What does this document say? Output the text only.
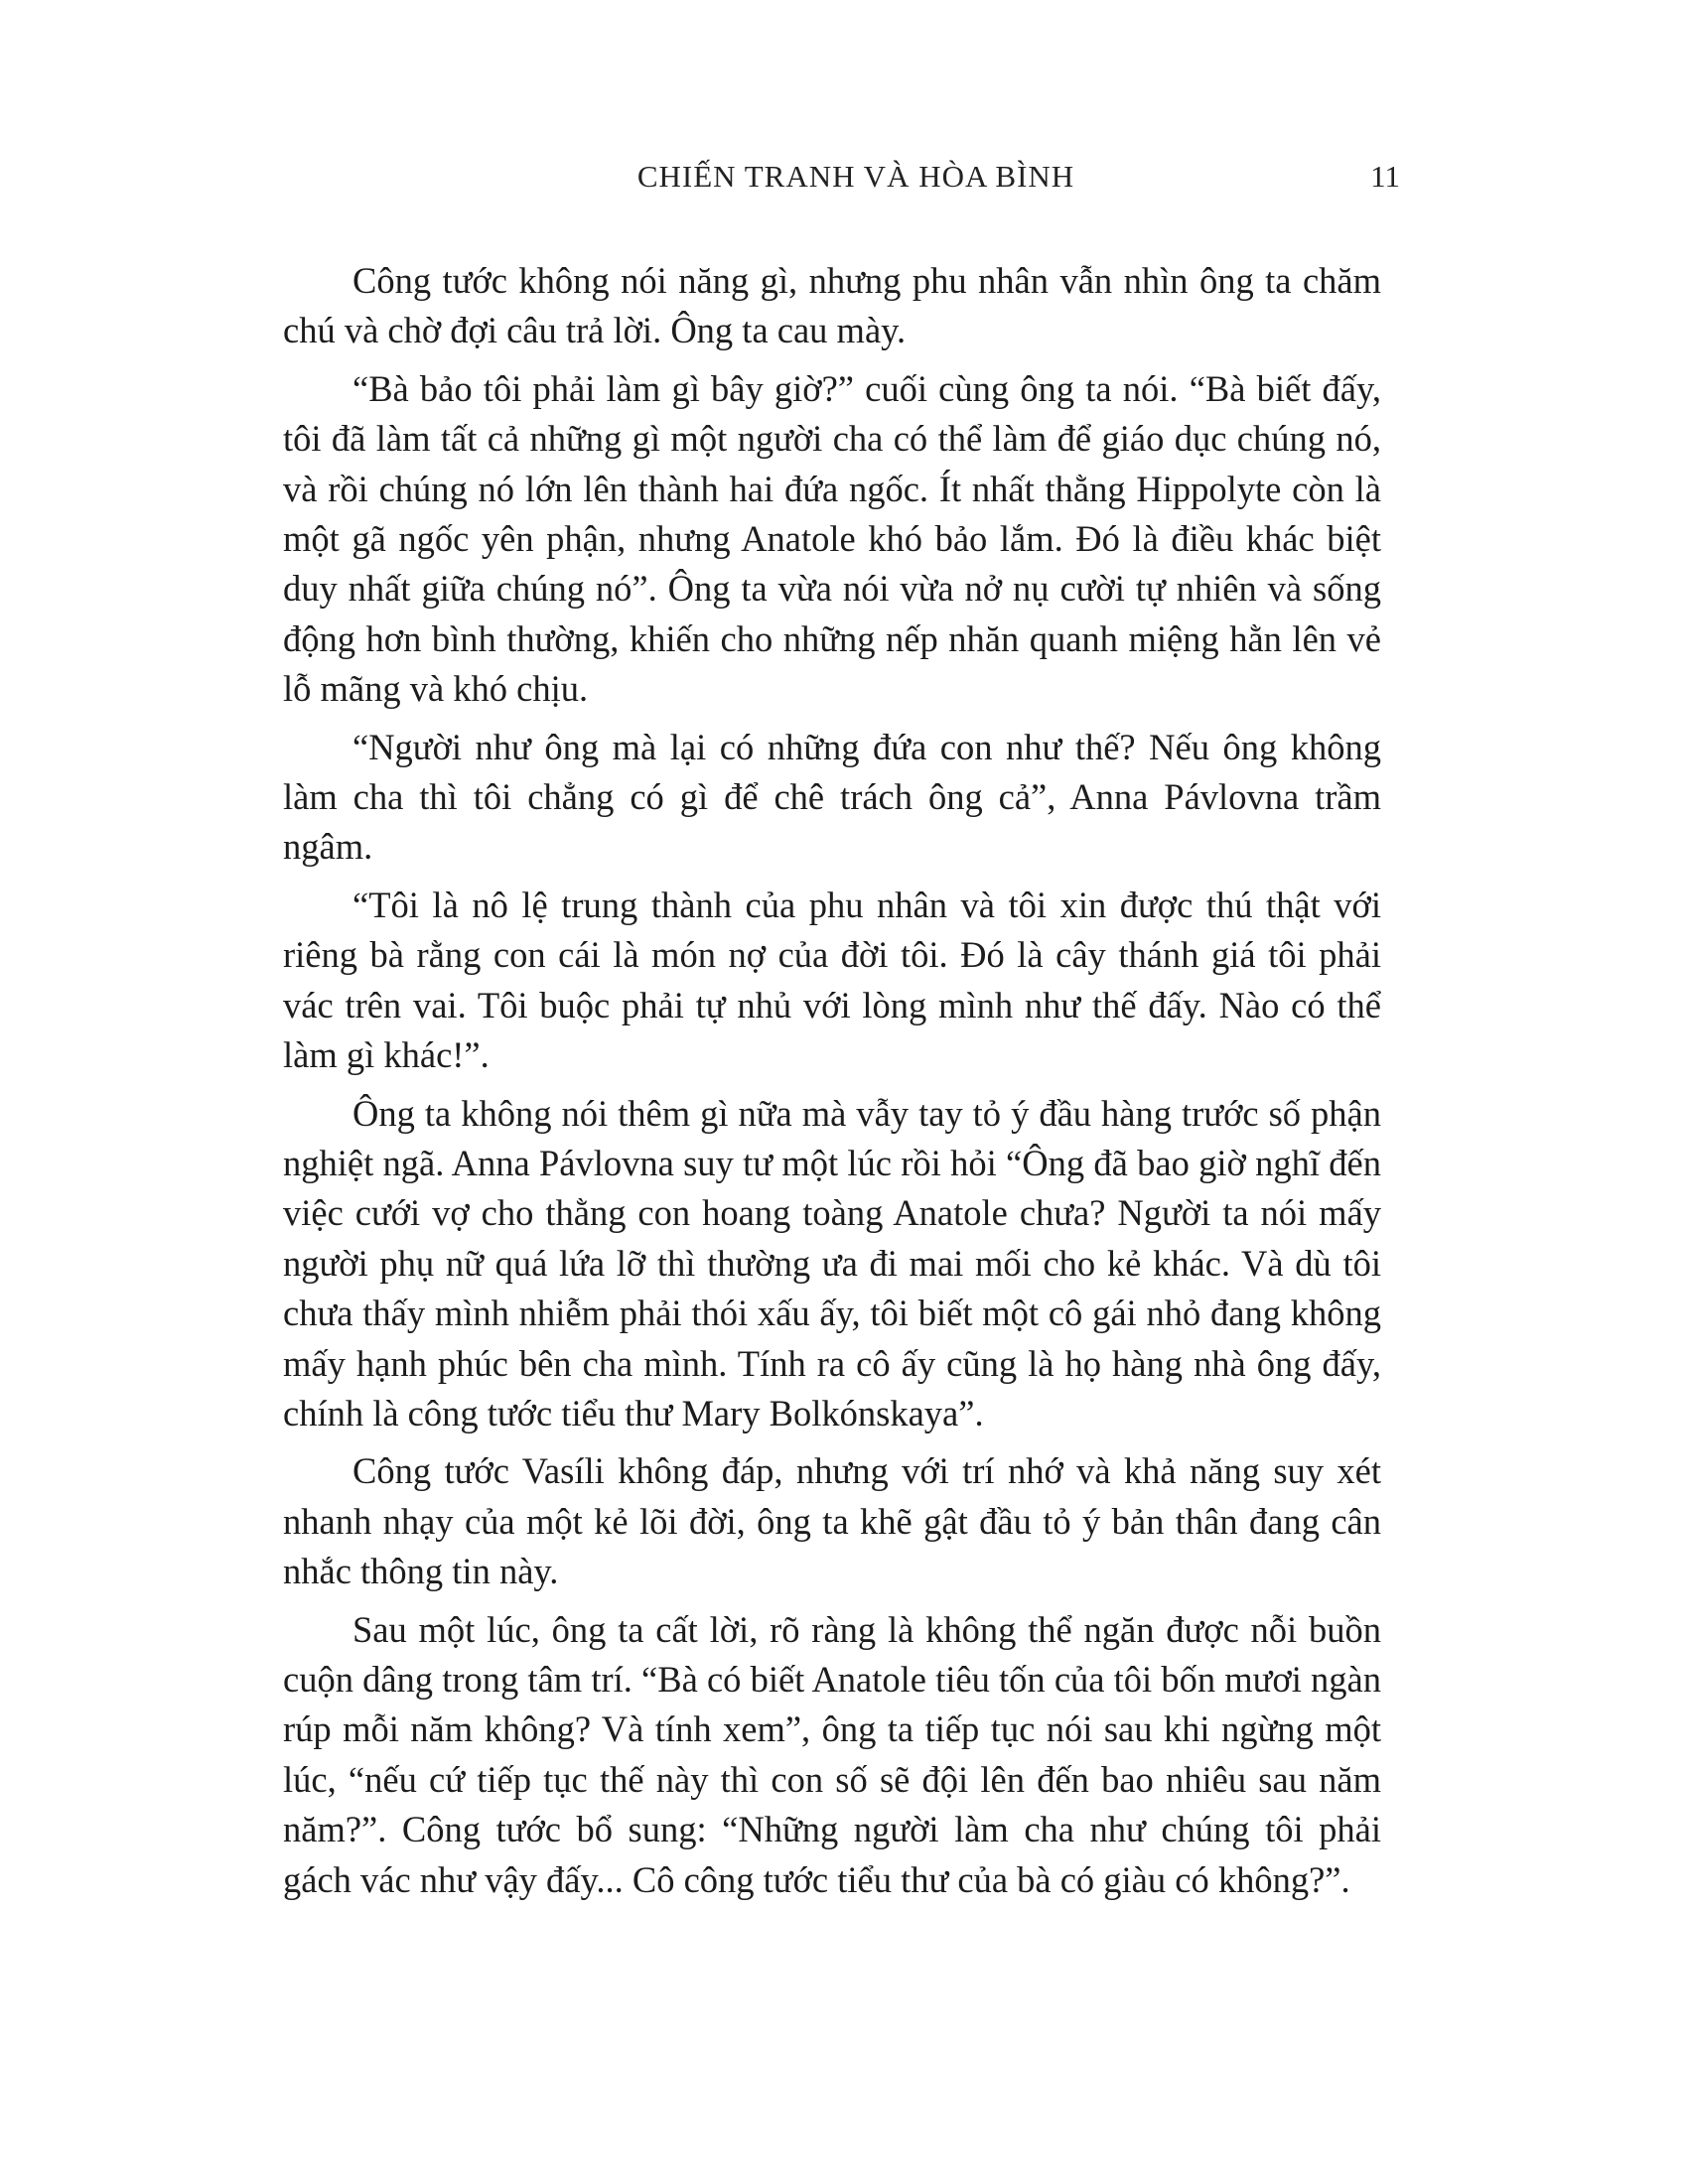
CHIẾN TRANH VÀ HÒA BÌNH	11

Công tước không nói năng gì, nhưng phu nhân vẫn nhìn ông ta chăm chú và chờ đợi câu trả lời. Ông ta cau mày.

“Bà bảo tôi phải làm gì bây giờ?” cuối cùng ông ta nói. “Bà biết đấy, tôi đã làm tất cả những gì một người cha có thể làm để giáo dục chúng nó, và rồi chúng nó lớn lên thành hai đứa ngốc. Ít nhất thằng Hippolyte còn là một gã ngốc yên phận, nhưng Anatole khó bảo lắm. Đó là điều khác biệt duy nhất giữa chúng nó”. Ông ta vừa nói vừa nở nụ cười tự nhiên và sống động hơn bình thường, khiến cho những nếp nhăn quanh miệng hằn lên vẻ lỗ mãng và khó chịu.

“Người như ông mà lại có những đứa con như thế? Nếu ông không làm cha thì tôi chẳng có gì để chê trách ông cả”, Anna Pávlovna trầm ngâm.

“Tôi là nô lệ trung thành của phu nhân và tôi xin được thú thật với riêng bà rằng con cái là món nợ của đời tôi. Đó là cây thánh giá tôi phải vác trên vai. Tôi buộc phải tự nhủ với lòng mình như thế đấy. Nào có thể làm gì khác!”.

Ông ta không nói thêm gì nữa mà vẫy tay tỏ ý đầu hàng trước số phận nghiệt ngã. Anna Pávlovna suy tư một lúc rồi hỏi “Ông đã bao giờ nghĩ đến việc cưới vợ cho thằng con hoang toàng Anatole chưa? Người ta nói mấy người phụ nữ quá lứa lỡ thì thường ưa đi mai mối cho kẻ khác. Và dù tôi chưa thấy mình nhiễm phải thói xấu ấy, tôi biết một cô gái nhỏ đang không mấy hạnh phúc bên cha mình. Tính ra cô ấy cũng là họ hàng nhà ông đấy, chính là công tước tiểu thư Mary Bolkónskaya”.

Công tước Vasíli không đáp, nhưng với trí nhớ và khả năng suy xét nhanh nhạy của một kẻ lõi đời, ông ta khẽ gật đầu tỏ ý bản thân đang cân nhắc thông tin này.

Sau một lúc, ông ta cất lời, rõ ràng là không thể ngăn được nỗi buồn cuộn dâng trong tâm trí. “Bà có biết Anatole tiêu tốn của tôi bốn mươi ngàn rúp mỗi năm không? Và tính xem”, ông ta tiếp tục nói sau khi ngừng một lúc, “nếu cứ tiếp tục thế này thì con số sẽ đội lên đến bao nhiêu sau năm năm?”. Công tước bổ sung: “Những người làm cha như chúng tôi phải gách vác như vậy đấy... Cô công tước tiểu thư của bà có giàu có không?”.
